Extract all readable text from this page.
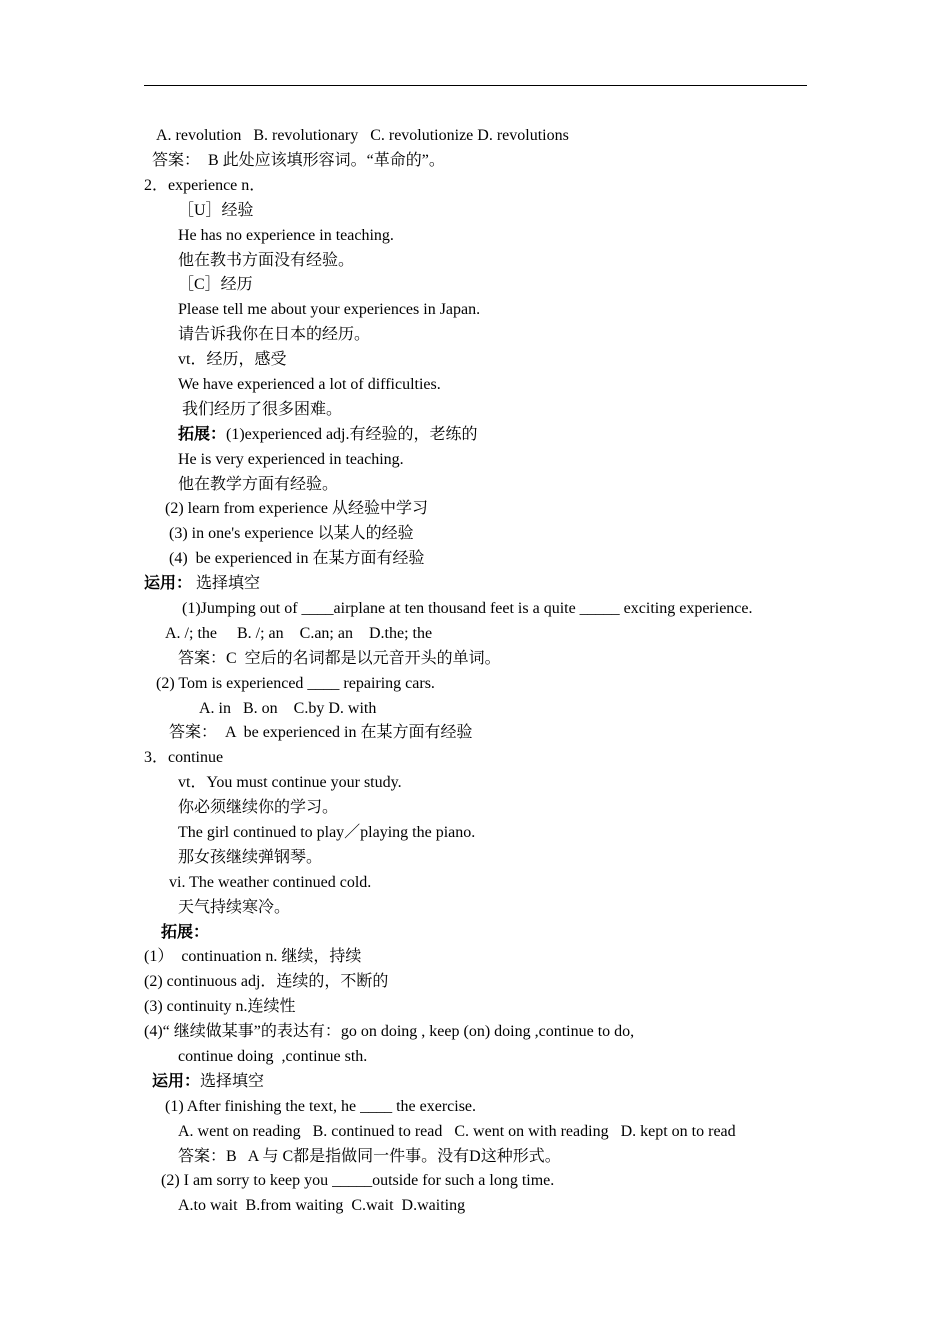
A. revolution   B. revolutionary   C. revolutionize D. revolutions
答案：  B 此处应该填形容词。“革命的”。
2．experience n．
［U］经验
He has no experience in teaching.
他在教书方面没有经验。
［C］经历
Please tell me about your experiences in Japan.
请告诉我你在日本的经历。
vt．经历，感受
We have experienced a lot of difficulties.
我们经历了很多困难。
拓展：(1)experienced adj.有经验的，老练的
He is very experienced in teaching.
他在教学方面有经验。
(2) learn from experience 从经验中学习
(3) in one's experience 以某人的经验
(4)  be experienced in 在某方面有经验
运用： 选择填空
(1)Jumping out of ____airplane at ten thousand feet is a quite _____ exciting experience.
A. /; the     B. /; an    C.an; an    D.the; the
答案：C  空后的名词都是以元音开头的单词。
(2) Tom is experienced ____ repairing cars.
A. in   B. on    C.by D. with
答案：  A  be experienced in 在某方面有经验
3．continue
vt．You must continue your study.
你必须继续你的学习。
The girl continued to play／playing the piano.
那女孩继续弹钢琴。
vi. The weather continued cold.
天气持续寒冷。
拓展：
(1）  continuation n. 继续，持续
(2) continuous adj．连续的，不断的
(3) continuity n.连续性
(4)“ 继续做某事”的表达有：go on doing , keep (on) doing ,continue to do,
continue doing  ,continue sth.
运用：选择填空
(1) After finishing the text, he ____ the exercise.
A. went on reading   B. continued to read   C. went on with reading   D. kept on to read
答案：B   A 与 C都是指做同一件事。没有D这种形式。
(2) I am sorry to keep you _____outside for such a long time.
A.to wait  B.from waiting  C.wait  D.waiting
